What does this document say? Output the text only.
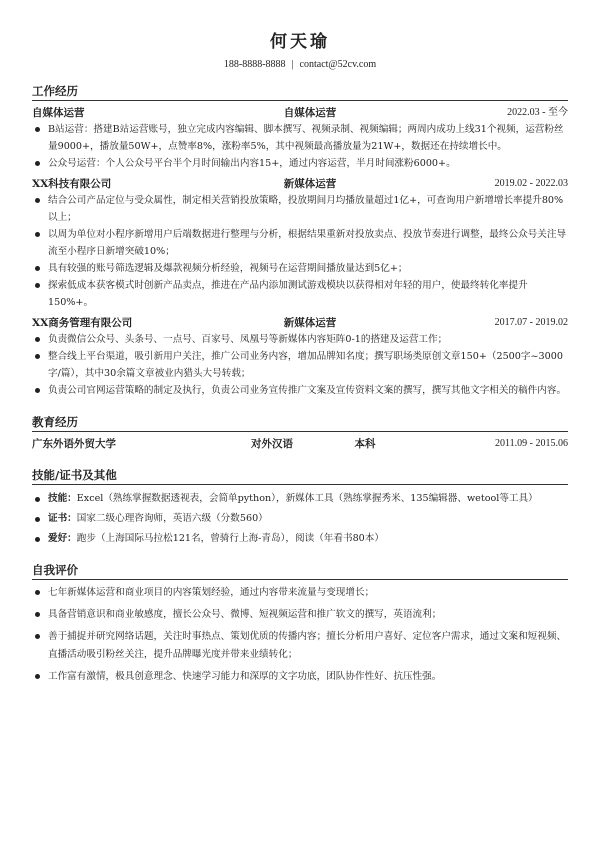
何天瑜
188-8888-8888 | contact@52cv.com
工作经历
自媒体运营	自媒体运营	2022.03 - 至今
B站运营：搭建B站运营账号，独立完成内容编辑、脚本撰写、视频录制、视频编辑；两周内成功上线31个视频，运营粉丝量9000+，播放量50W+，点赞率8%，涨粉率5%，其中视频最高播放量为21W+，数据还在持续增长中。
公众号运营：个人公众号平台半个月时间输出内容15+，通过内容运营，半月时间涨粉6000+。
XX科技有限公司	新媒体运营	2019.02 - 2022.03
结合公司产品定位与受众属性，制定相关营销投放策略，投放期间月均播放量超过1亿+，可查询用户新增增长率提升80%以上；
以周为单位对小程序新增用户后端数据进行整理与分析，根据结果重新对投放卖点、投放节奏进行调整，最终公众号关注导流至小程序日新增突破10%；
具有较强的账号筛选逻辑及爆款视频分析经验，视频号在运营期间播放量达到5亿+；
探索低成本获客模式时创新产品卖点，推进在产品内添加测试游戏模块以获得相对年轻的用户，使最终转化率提升150%+。
XX商务管理有限公司	新媒体运营	2017.07 - 2019.02
负责微信公众号、头条号、一点号、百家号、凤凰号等新媒体内容矩阵0-1的搭建及运营工作；
整合线上平台渠道，吸引新用户关注，推广公司业务内容，增加品牌知名度；撰写职场类原创文章150+（2500字~3000字/篇），其中30余篇文章被业内猎头大号转载；
负责公司官网运营策略的制定及执行，负责公司业务宣传推广文案及宣传资料文案的撰写，撰写其他文字相关的稿件内容。
教育经历
广东外语外贸大学	对外汉语	本科	2011.09 - 2015.06
技能/证书及其他
技能：Excel（熟练掌握数据透视表，会简单python），新媒体工具（熟练掌握秀米、135编辑器、wetool等工具）
证书：国家二级心理咨询师，英语六级（分数560）
爱好：跑步（上海国际马拉松121名，曾骑行上海-青岛），阅读（年看书80本）
自我评价
七年新媒体运营和商业项目的内容策划经验，通过内容带来流量与变现增长；
具备营销意识和商业敏感度，擅长公众号、微博、短视频运营和推广软文的撰写，英语流利；
善于捕捉并研究网络话题，关注时事热点、策划优质的传播内容；擅长分析用户喜好、定位客户需求，通过文案和短视频、直播活动吸引粉丝关注，提升品牌曝光度并带来业绩转化；
工作富有激情，极具创意理念、快速学习能力和深厚的文字功底，团队协作性好、抗压性强。
